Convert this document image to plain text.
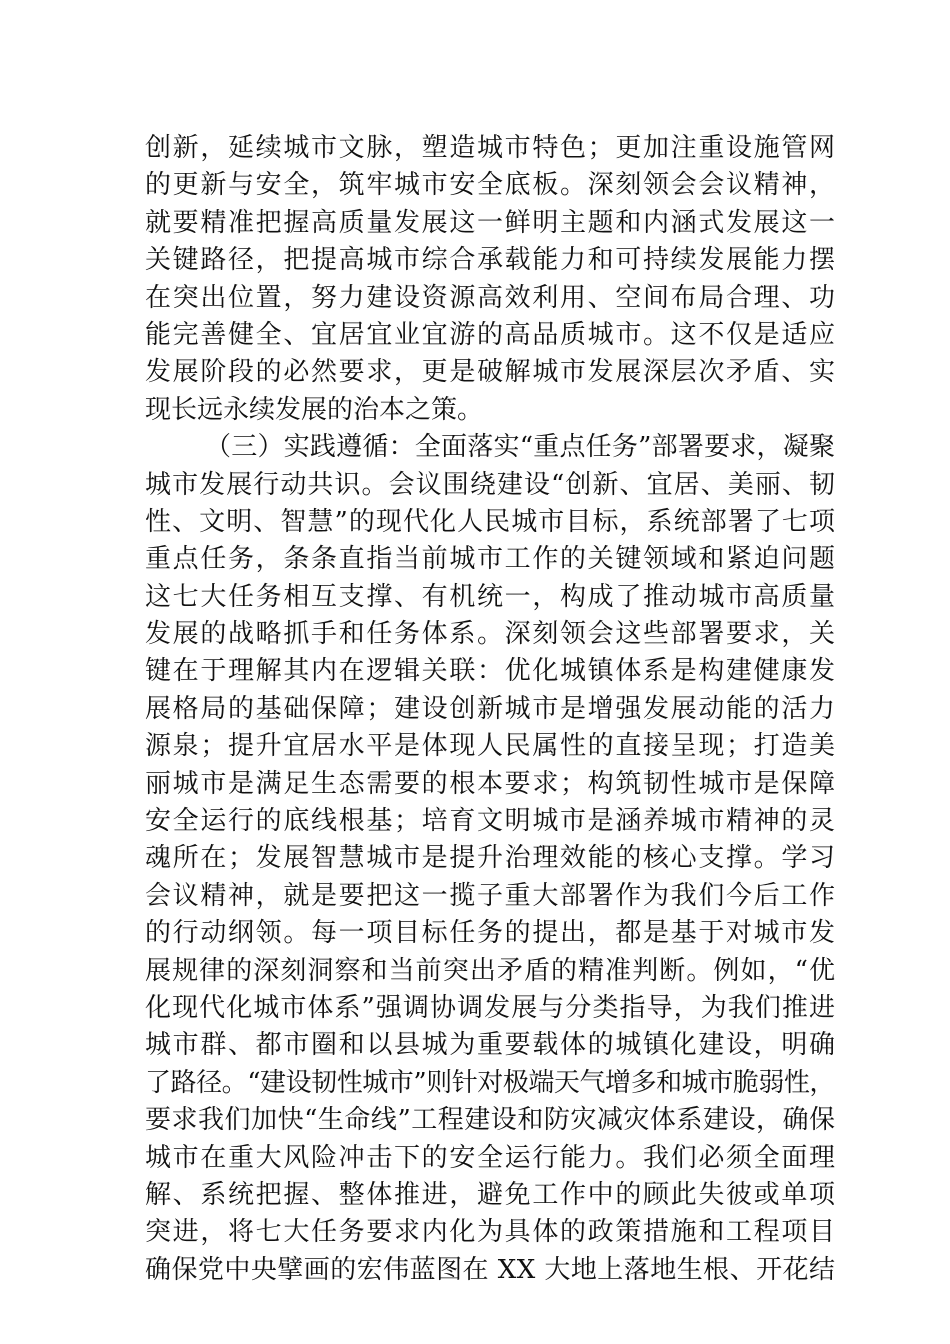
创新，延续城市文脉，塑造城市特色；更加注重设施管网
的更新与安全，筑牢城市安全底板。深刻领会会议精神，
就要精准把握高质量发展这一鲜明主题和内涵式发展这一
关键路径，把提高城市综合承载能力和可持续发展能力摆
在突出位置，努力建设资源高效利用、空间布局合理、功
能完善健全、宜居宜业宜游的高品质城市。这不仅是适应
发展阶段的必然要求，更是破解城市发展深层次矛盾、实
现长远永续发展的治本之策。
（三）实践遵循：全面落实“重点任务”部署要求，凝聚
城市发展行动共识。会议围绕建设“创新、宜居、美丽、韧
性、文明、智慧”的现代化人民城市目标，系统部署了七项
重点任务，条条直指当前城市工作的关键领域和紧迫问题
这七大任务相互支撑、有机统一，构成了推动城市高质量
发展的战略抓手和任务体系。深刻领会这些部署要求，关
键在于理解其内在逻辑关联：优化城镇体系是构建健康发
展格局的基础保障；建设创新城市是增强发展动能的活力
源泉；提升宜居水平是体现人民属性的直接呈现；打造美
丽城市是满足生态需要的根本要求；构筑韧性城市是保障
安全运行的底线根基；培育文明城市是涵养城市精神的灵
魂所在；发展智慧城市是提升治理效能的核心支撑。学习
会议精神，就是要把这一揽子重大部署作为我们今后工作
的行动纲领。每一项目标任务的提出，都是基于对城市发
展规律的深刻洞察和当前突出矛盾的精准判断。例如，“优
化现代化城市体系”强调协调发展与分类指导，为我们推进
城市群、都市圈和以县城为重要载体的城镇化建设，明确
了路径。“建设韧性城市”则针对极端天气增多和城市脆弱性，
要求我们加快“生命线”工程建设和防灾减灾体系建设，确保
城市在重大风险冲击下的安全运行能力。我们必须全面理
解、系统把握、整体推进，避免工作中的顾此失彼或单项
突进，将七大任务要求内化为具体的政策措施和工程项目
确保党中央擘画的宏伟蓝图在 XX 大地上落地生根、开花结
